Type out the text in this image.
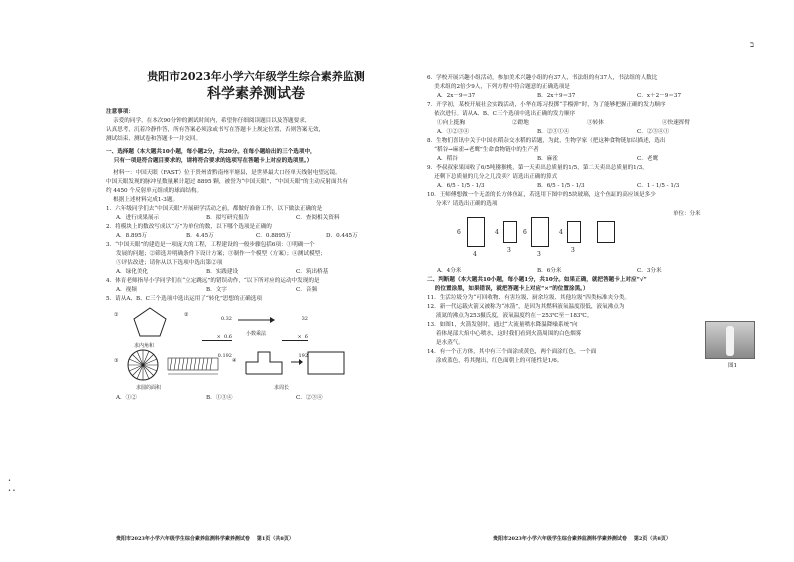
•
• •
贵阳市2023年小学六年级学生综合素养监测
科学素养测试卷
注意事项：
亲爱的同学，在本次90分钟的测试时间内，希望你仔细阅读题目以及答题要求，
认真思考，沉着冷静作答，所有答案必须涂或书写在答题卡上规定位置，否则答案无效，
测试结束，测试卷和答题卡一并交回。
一、选择题（本大题共10小题，每小题2分，共20分。在每小题给出的三个选项中，
只有一项是符合题目要求的，请将符合要求的选项写在答题卡上对应的选项里。）
材料一：中国天眼（FAST）位于贵州省黔南州平塘县，是世界最大口径单天线射电望远镜。
中国天眼发现的脉冲星数量累计超过 8895 颗，被誉为“中国天眼”，“中国天眼”的主动反射面共有
约 4450 个反射单元组成的球面结构。
根据上述材料完成1-3题。
1．六年级同学们去“中国天眼”开展研学活动之前，都做好准备工作，以下做法正确的是
A．进行成果展示	B．拟写研究报告	C．查阅相关资料
2．将模块上的数改写成以“万”为单位的数，以下哪个选项是正确的
A．8.895万	B．4.45万	C．0.8895万	D．0.445万
3．“中国天眼”的建造是一项庞大的工程，工程建设的一般步骤包括6项：①明确一个
发展的问题；②筛选并明确条件下设计方案；③制作一个模型（方案）；④测试模型；
⑤评估改进；请你从以下选项中选出第②项
A．绿化美化	B．实践建设	C．筑出桥基
4．体育老师指导小学同学们在“立定跳远”的错误动作，“以下所对应的运动中发现的是
A．视频	B．文字	C．音频
5．请从A、B、C三个选项中选出运用了“转化”思想的正确选项
①
求内角和
②

0.32

×  0.6

0.192

32

×  6

192

小数乘法
③
求圆的面积
④
求周长
A．①②	B．①③④	C．②③④
贵阳市2023年小学六年级学生综合素养监测科学素养测试卷    第1页（共8页）
ב
6．学校开展兴趣小组活动，参加美术兴趣小组的有37人，书法组的有37人，书法组的人数比
美术组的2倍少9人，下列方程中符合题意的正确选项是
A．2x－9＝37	B．2x＋9＝37	C．x＋2－9＝37
7．开学初，某校开展社会实践活动，小华在练习投掷“手榴弹”时，为了能够把握正确的发力顺序
依次进行。请从A、B、C三个选项中选出正确的发力顺序
①向上挺胸	②蹬地	③转体	④快速挥臂
A．①②③④	B．②③①④	C．②③④①
8．生物们喜讯中关于中国水稻杂交水稻的话题，为此，生物学家（把这种食物链加以描述，选出
“稻谷→麻雀→老鹰”生命食物链中的生产者
A．稻谷	B．麻雀	C．老鹰
9．李叔叔家果园收了6/5吨猕猴桃，第一天卖出总质量的1/5，第二天卖出总质量的1/3，
还剩下总质量的几分之几没卖？请选出正确的算式
A．6/5 - 1/5 - 1/3	B．6/5 - 1/5 - 1/3	C．1 - 1/5 - 1/3
10．王师傅想做一个无盖的长方体鱼缸，若选用下图中的5块玻璃，这个鱼缸的高应该是多少
分米？请选出正确的选项
单位：分米
6
4
4
3
6
3
4
3
A．4分米	B．6分米	C．3分米
二、判断题（本大题共10小题，每小题1分，共10分。如果正确，就把答题卡上对应“√”
的位置涂黑，如果错误，就把答题卡上对应“×”的位置涂黑。）
11．生活垃圾分为“可回收物、有害垃圾、厨余垃圾、其他垃圾”四类标准夹分类。
12．新一代运载火箭又被称为“冰箭”，是因为其燃料液氧温度很低，液氧沸点为
液氮的沸点为253摄氏度，液氧温度约在－253℃至－183℃。
13．如图1，火箭发射时，通过“大流量喷水降温降噪系统”向
着体尾部大焰中心喷水，这时我们看到火箭周围的白色烟雾
是水蒸气。
14．有一个正方体，其中有三个面涂成黄色，两个面涂红色，一个面
涂成蓝色，将其抛出，红色面朝上的可能性是1/6。
图1
贵阳市2023年小学六年级学生综合素养监测科学素养测试卷    第2页（共8页）
